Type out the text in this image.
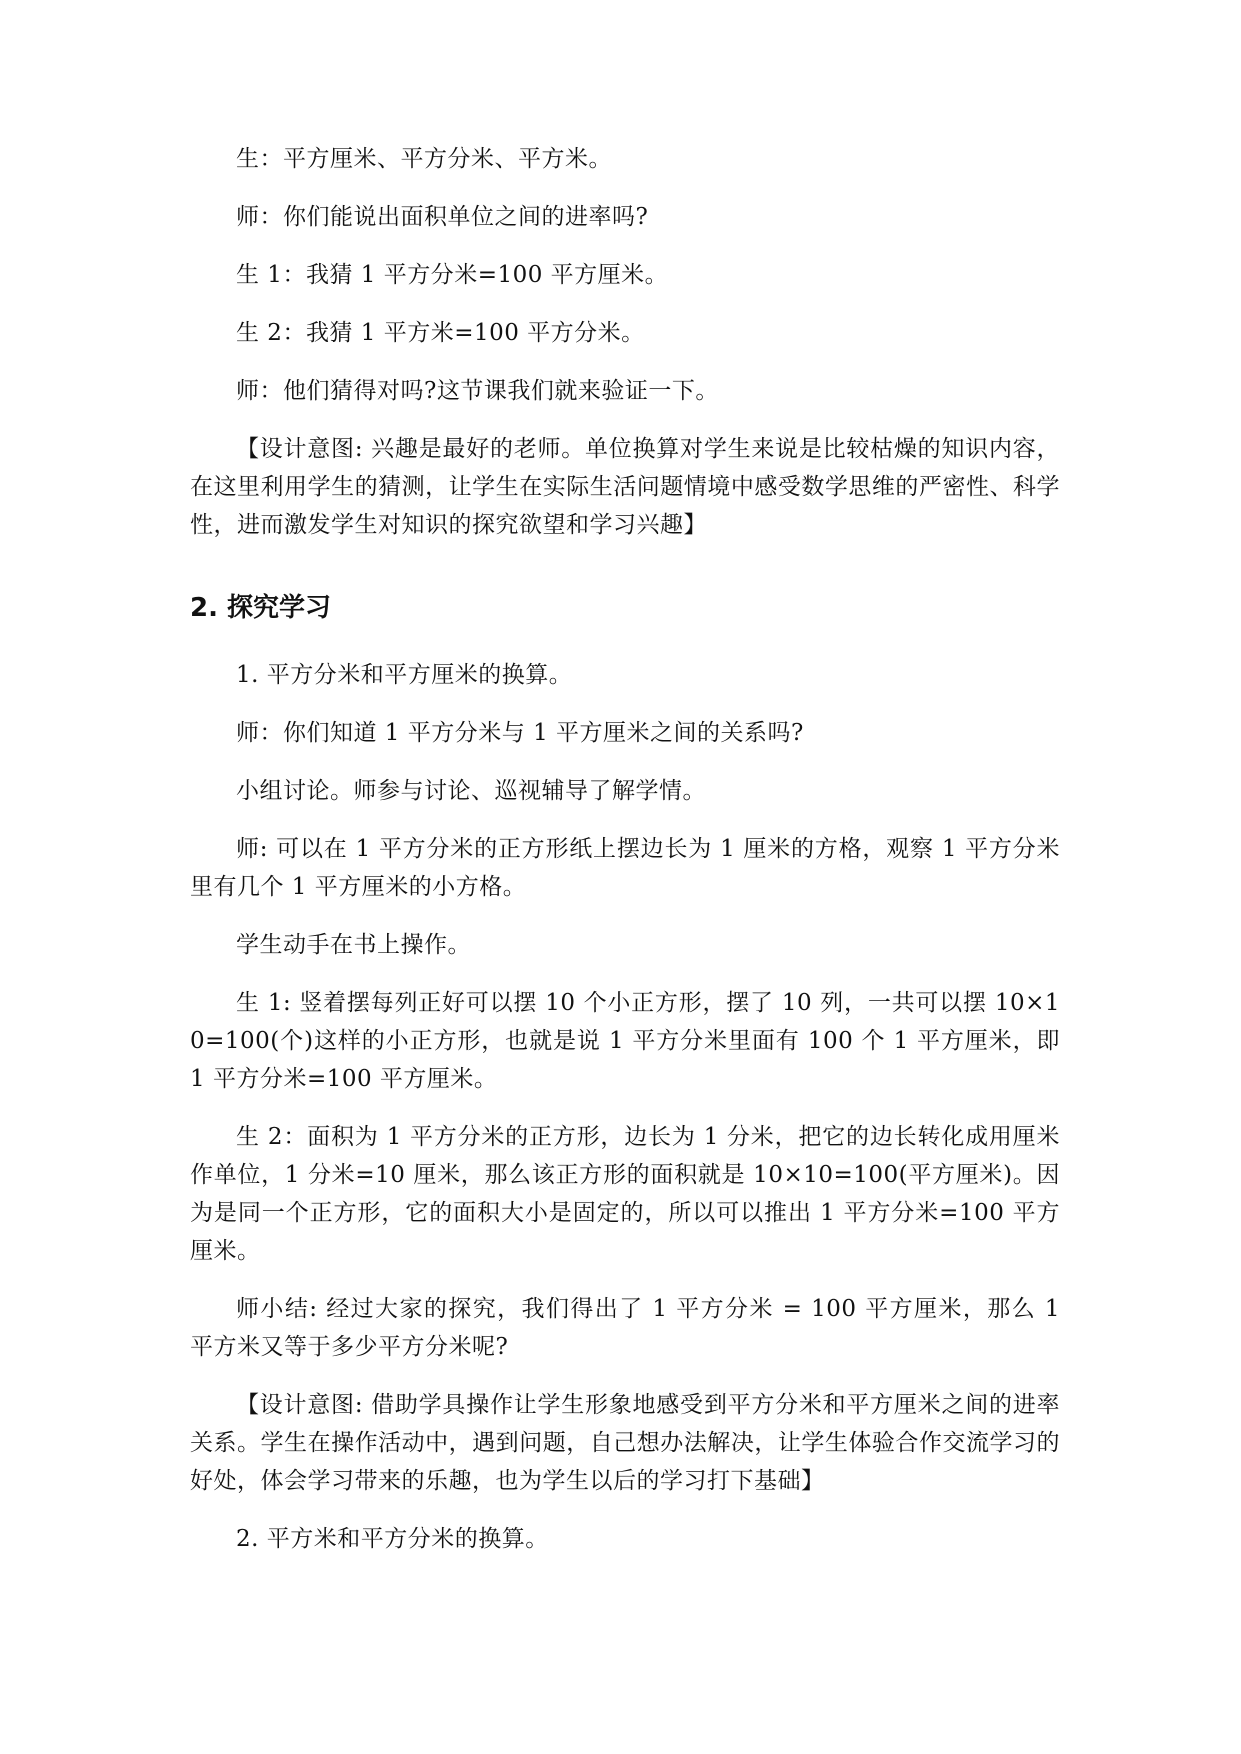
生：平方厘米、平方分米、平方米。

师：你们能说出面积单位之间的进率吗?

生 1：我猜 1 平方分米=100 平方厘米。

生 2：我猜 1 平方米=100 平方分米。

师：他们猜得对吗?这节课我们就来验证一下。

【设计意图: 兴趣是最好的老师。单位换算对学生来说是比较枯燥的知识内容，在这里利用学生的猜测，让学生在实际生活问题情境中感受数学思维的严密性、科学性，进而激发学生对知识的探究欲望和学习兴趣】

2. 探究学习

1. 平方分米和平方厘米的换算。

师：你们知道 1 平方分米与 1 平方厘米之间的关系吗?

小组讨论。师参与讨论、巡视辅导了解学情。

师: 可以在 1 平方分米的正方形纸上摆边长为 1 厘米的方格，观察 1 平方分米里有几个 1 平方厘米的小方格。

学生动手在书上操作。

生 1: 竖着摆每列正好可以摆 10 个小正方形，摆了 10 列，一共可以摆 10×10=100(个)这样的小正方形，也就是说 1 平方分米里面有 100 个 1 平方厘米，即 1 平方分米=100 平方厘米。

生 2：面积为 1 平方分米的正方形，边长为 1 分米，把它的边长转化成用厘米作单位，1 分米=10 厘米，那么该正方形的面积就是 10×10=100(平方厘米)。因为是同一个正方形，它的面积大小是固定的，所以可以推出 1 平方分米=100 平方厘米。

师小结: 经过大家的探究，我们得出了 1 平方分米 = 100 平方厘米，那么 1 平方米又等于多少平方分米呢?

【设计意图: 借助学具操作让学生形象地感受到平方分米和平方厘米之间的进率关系。学生在操作活动中，遇到问题，自己想办法解决，让学生体验合作交流学习的好处，体会学习带来的乐趣，也为学生以后的学习打下基础】

2. 平方米和平方分米的换算。
